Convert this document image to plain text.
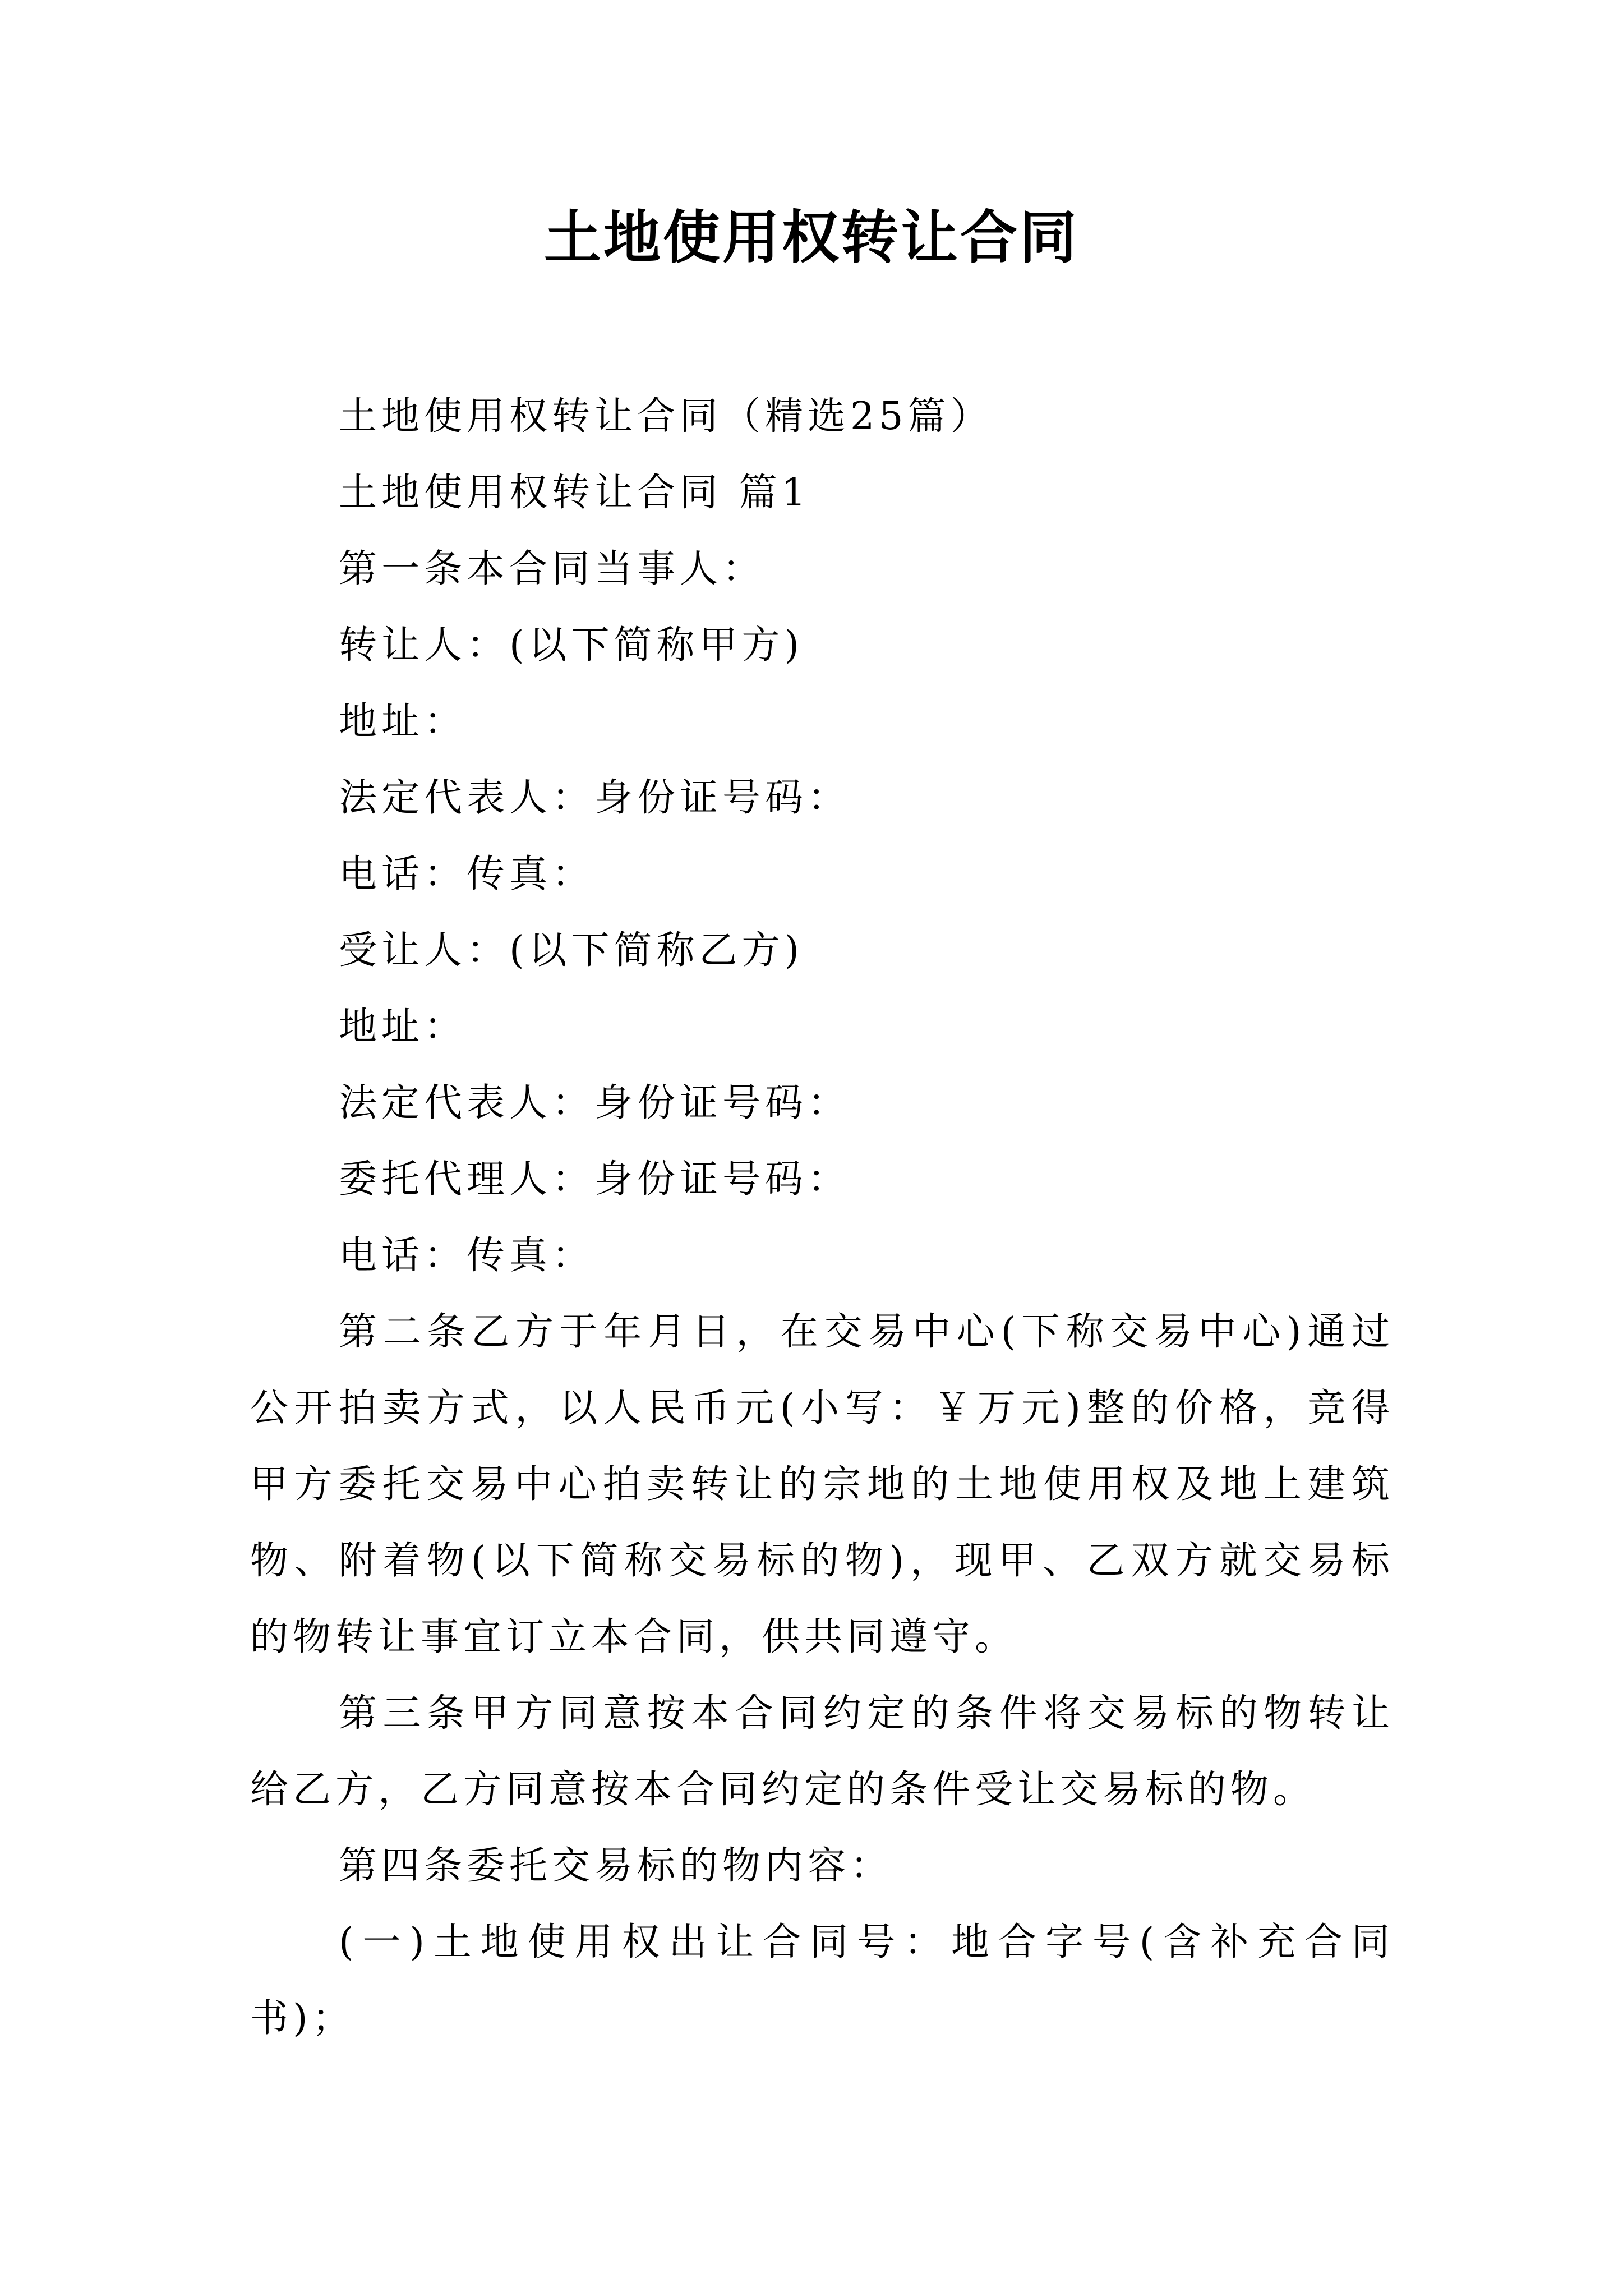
土地使用权转让合同

土地使用权转让合同（精选25篇）

土地使用权转让合同 篇1

第一条本合同当事人：

转让人：(以下简称甲方)

地址：

法定代表人：身份证号码：

电话：传真：

受让人：(以下简称乙方)

地址：

法定代表人：身份证号码：

委托代理人：身份证号码：

电话：传真：

第二条乙方于年月日，在交易中心(下称交易中心)通过公开拍卖方式，以人民币元(小写：￥万元)整的价格，竞得甲方委托交易中心拍卖转让的宗地的土地使用权及地上建筑物、附着物(以下简称交易标的物)，现甲、乙双方就交易标的物转让事宜订立本合同，供共同遵守。

第三条甲方同意按本合同约定的条件将交易标的物转让给乙方，乙方同意按本合同约定的条件受让交易标的物。

第四条委托交易标的物内容：

(一)土地使用权出让合同号：地合字号(含补充合同书)；
